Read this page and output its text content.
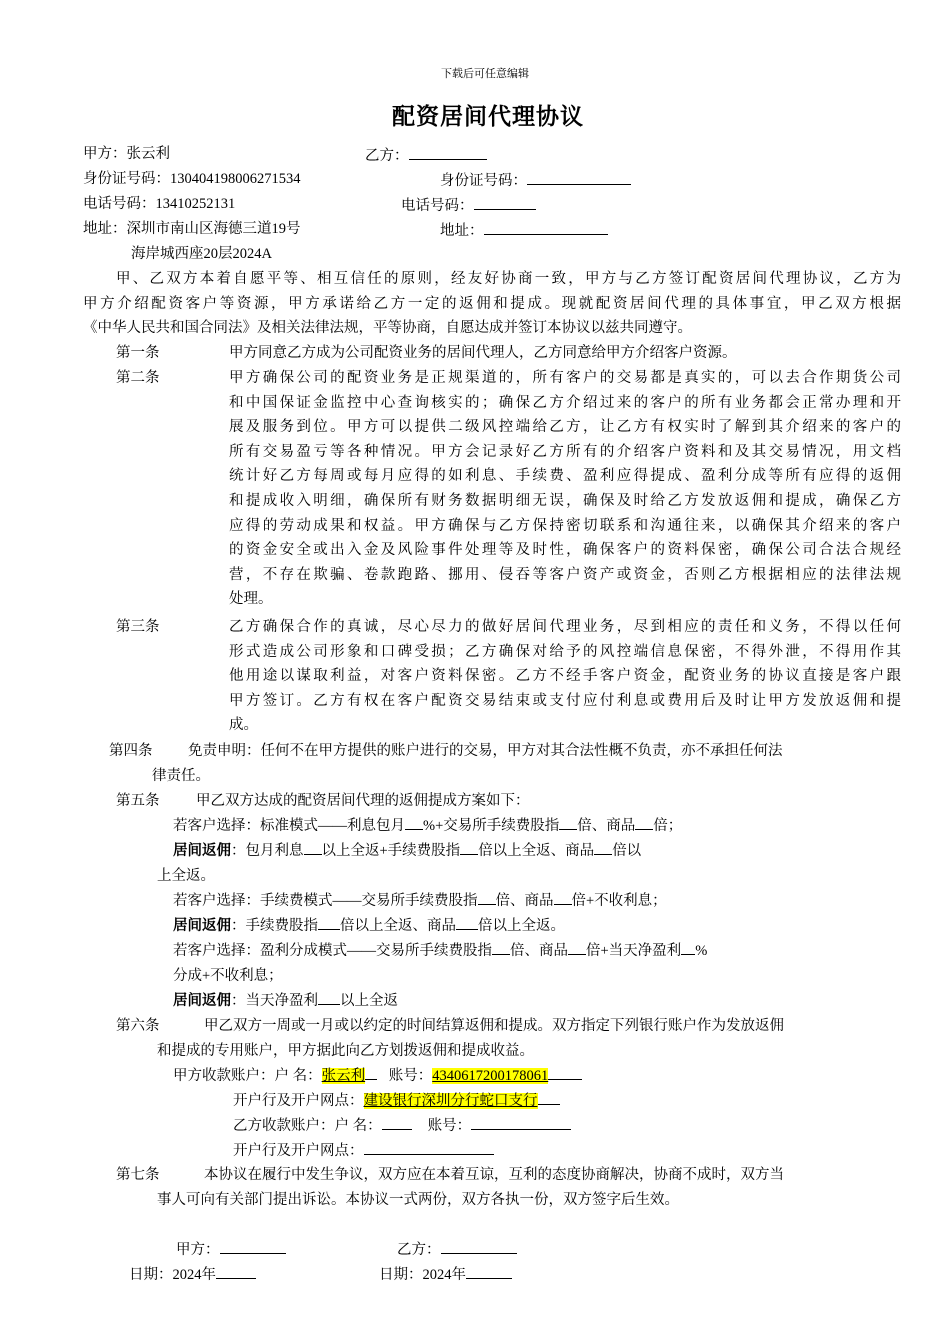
下载后可任意编辑
配资居间代理协议
甲方：张云利	乙方：
身份证号码：130404198006271534	身份证号码：
电话号码：13410252131	电话号码：
地址：深圳市南山区海德三道19号	地址：
海岸城西座20层2024A
甲、乙双方本着自愿平等、相互信任的原则，经友好协商一致，甲方与乙方签订配资居间代理协议，乙方为
甲方介绍配资客户等资源，甲方承诺给乙方一定的返佣和提成。现就配资居间代理的具体事宜，甲乙双方根据
《中华人民共和国合同法》及相关法律法规，平等协商，自愿达成并签订本协议以兹共同遵守。
第一条	甲方同意乙方成为公司配资业务的居间代理人，乙方同意给甲方介绍客户资源。
第二条	甲方确保公司的配资业务是正规渠道的，所有客户的交易都是真实的，可以去合作期货公司
和中国保证金监控中心查询核实的；确保乙方介绍过来的客户的所有业务都会正常办理和开
展及服务到位。甲方可以提供二级风控端给乙方，让乙方有权实时了解到其介绍来的客户的
所有交易盈亏等各种情况。甲方会记录好乙方所有的介绍客户资料和及其交易情况，用文档
统计好乙方每周或每月应得的如利息、手续费、盈利应得提成、盈利分成等所有应得的返佣
和提成收入明细，确保所有财务数据明细无误，确保及时给乙方发放返佣和提成，确保乙方
应得的劳动成果和权益。甲方确保与乙方保持密切联系和沟通往来，以确保其介绍来的客户
的资金安全或出入金及风险事件处理等及时性，确保客户的资料保密，确保公司合法合规经
营，不存在欺骗、卷款跑路、挪用、侵吞等客户资产或资金，否则乙方根据相应的法律法规
处理。
第三条	乙方确保合作的真诚，尽心尽力的做好居间代理业务，尽到相应的责任和义务，不得以任何
形式造成公司形象和口碑受损；乙方确保对给予的风控端信息保密，不得外泄，不得用作其
他用途以谋取利益，对客户资料保密。乙方不经手客户资金，配资业务的协议直接是客户跟
甲方签订。乙方有权在客户配资交易结束或支付应付利息或费用后及时让甲方发放返佣和提
成。
第四条 免责申明：任何不在甲方提供的账户进行的交易，甲方对其合法性概不负责，亦不承担任何法
律责任。
第五条	甲乙双方达成的配资居间代理的返佣提成方案如下：
若客户选择：标准模式——利息包月 %+交易所手续费股指 倍、商品 倍；
居间返佣：包月利息 以上全返+手续费股指 倍以上全返、商品 倍以
上全返。
若客户选择：手续费模式——交易所手续费股指 倍、商品 倍+不收利息；
居间返佣：手续费股指 倍以上全返、商品 倍以上全返。
若客户选择：盈利分成模式——交易所手续费股指 倍、商品 倍+当天净盈利 %
分成+不收利息；
居间返佣：当天净盈利 以上全返
第六条	甲乙双方一周或一月或以约定的时间结算返佣和提成。双方指定下列银行账户作为发放返佣
和提成的专用账户，甲方据此向乙方划拨返佣和提成收益。
甲方收款账户：户 名：张云利 账号：4340617200178061
开户行及开户网点：建设银行深圳分行蛇口支行
乙方收款账户：户 名：	账号：
开户行及开户网点：
第七条	本协议在履行中发生争议，双方应在本着互谅，互利的态度协商解决，协商不成时，双方当
事人可向有关部门提出诉讼。本协议一式两份，双方各执一份，双方签字后生效。
甲方：	乙方：
日期：2024年	日期：2024年
